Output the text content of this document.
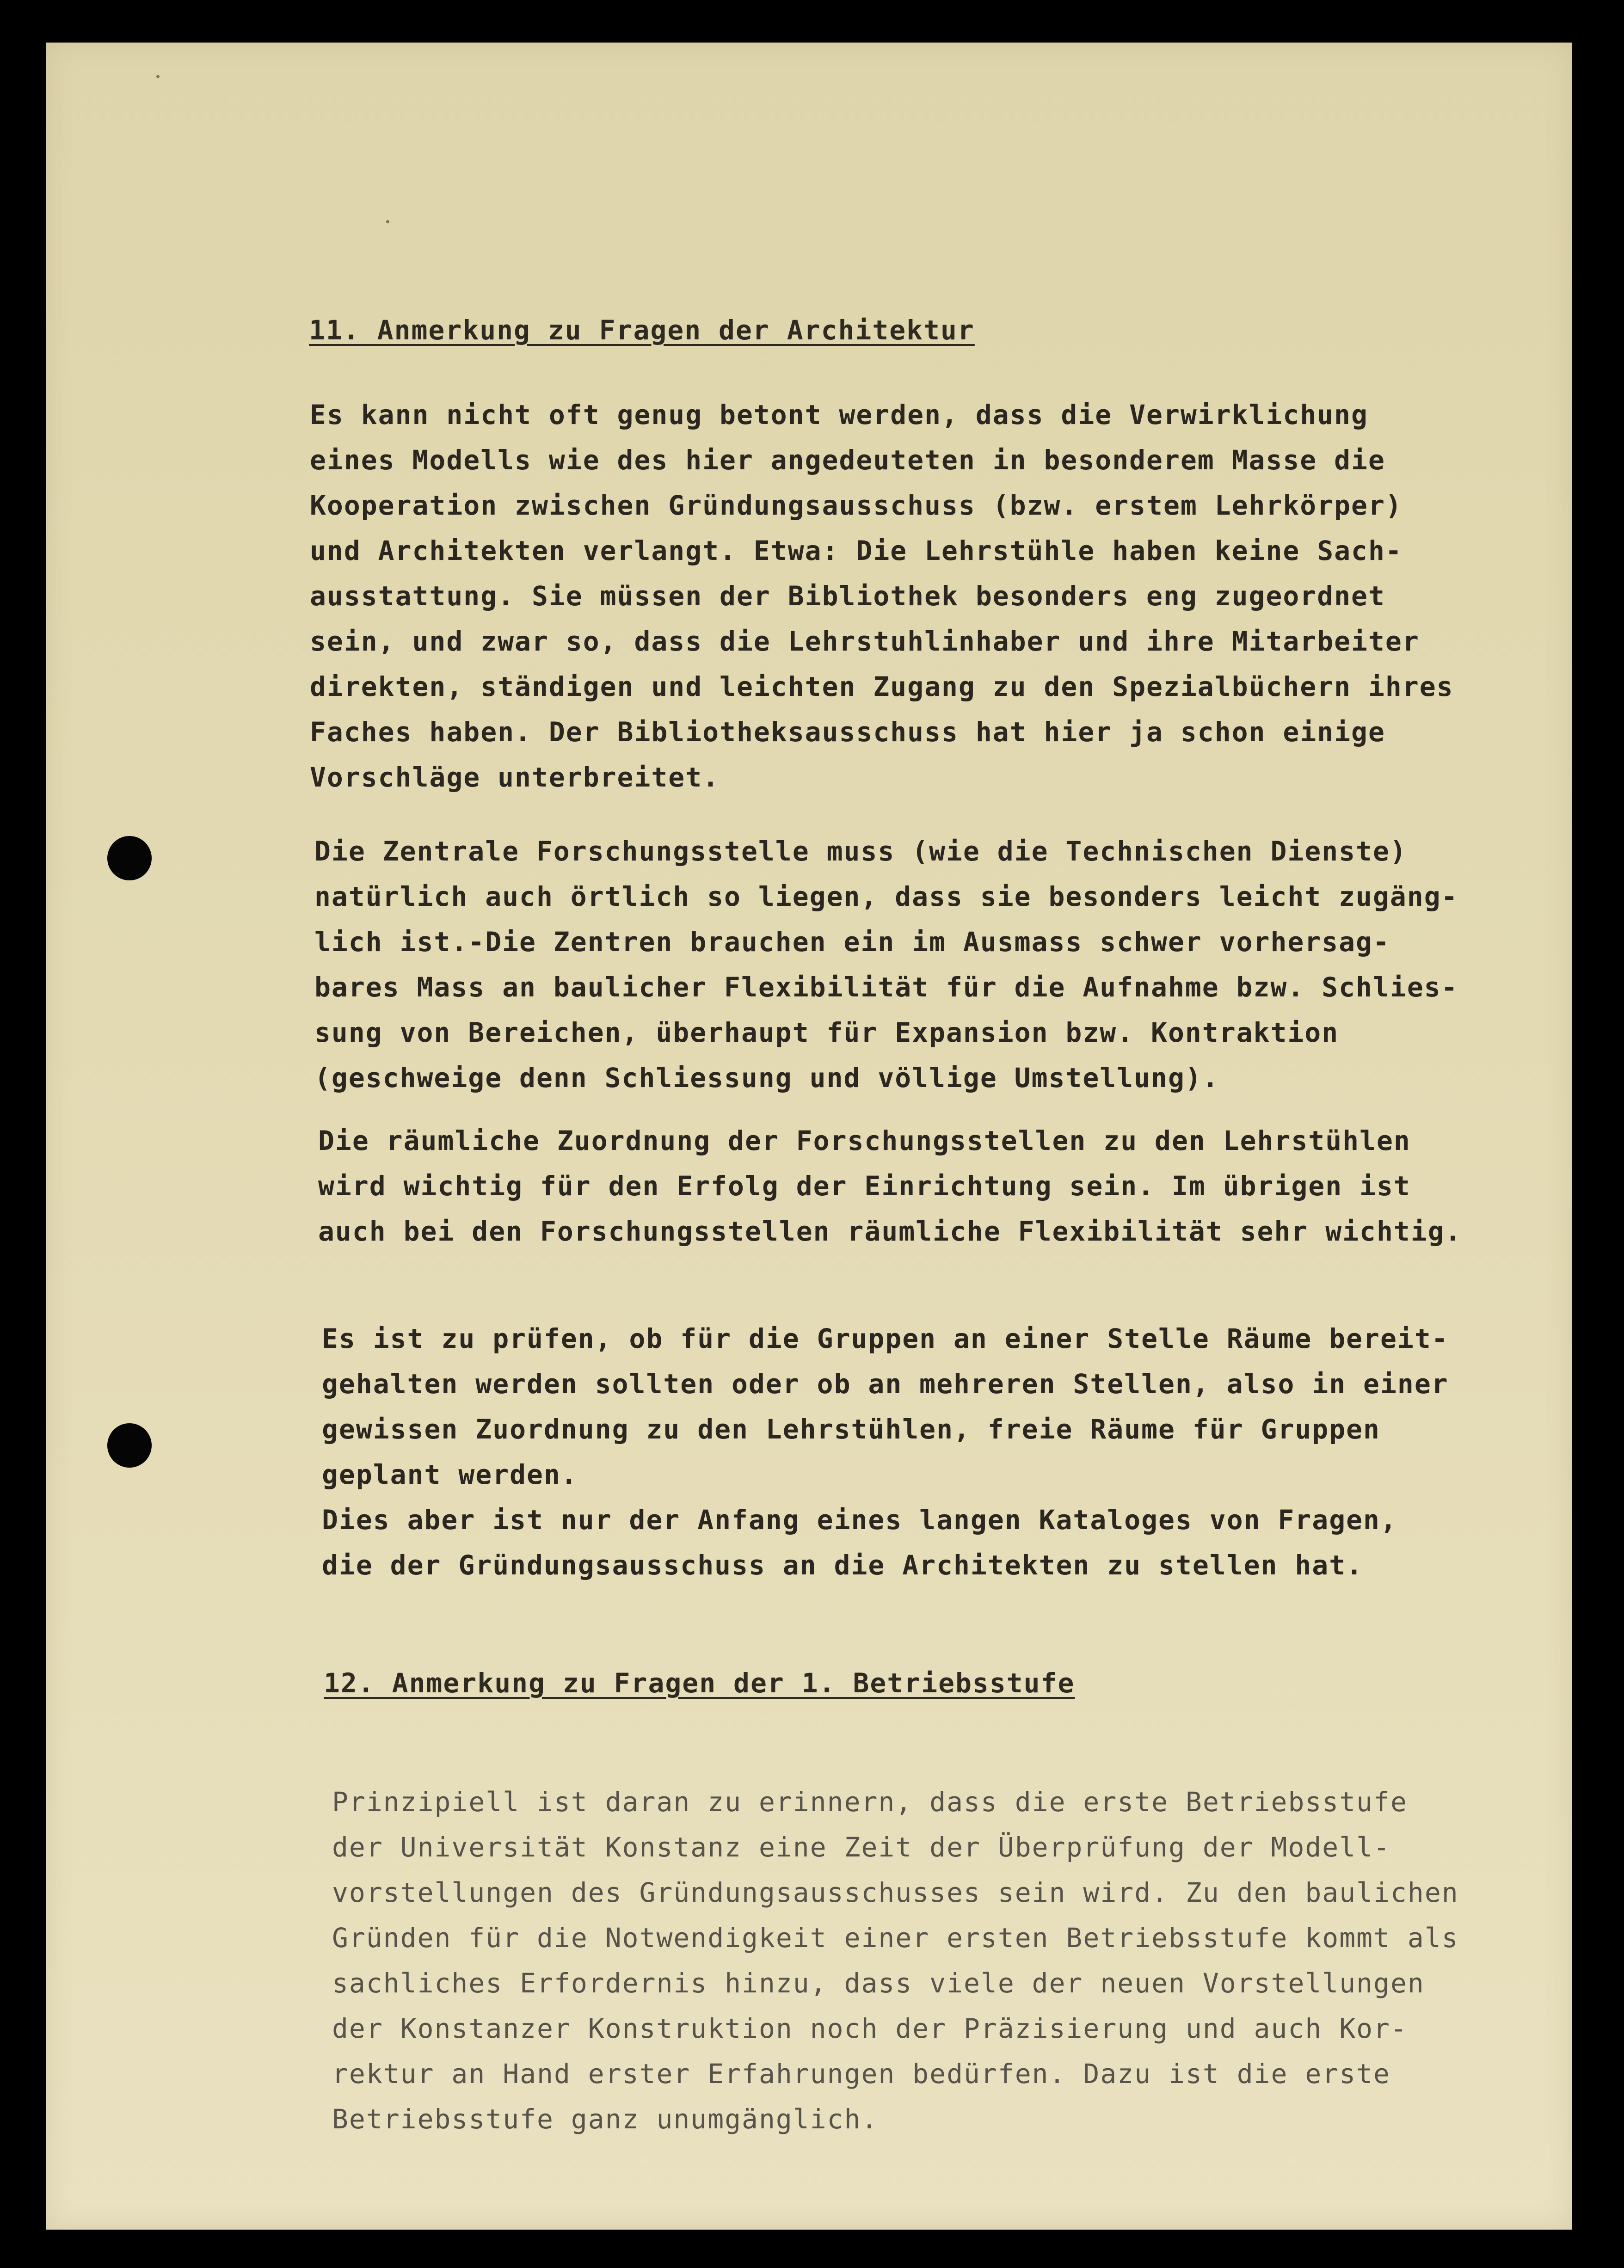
11. Anmerkung zu Fragen der Architektur
Es kann nicht oft genug betont werden, dass die Verwirklichung
eines Modells wie des hier angedeuteten in besonderem Masse die
Kooperation zwischen Gründungsausschuss (bzw. erstem Lehrkörper)
und Architekten verlangt. Etwa: Die Lehrstühle haben keine Sach-
ausstattung. Sie müssen der Bibliothek besonders eng zugeordnet
sein, und zwar so, dass die Lehrstuhlinhaber und ihre Mitarbeiter
direkten, ständigen und leichten Zugang zu den Spezialbüchern ihres
Faches haben. Der Bibliotheksausschuss hat hier ja schon einige
Vorschläge unterbreitet.
Die Zentrale Forschungsstelle muss (wie die Technischen Dienste)
natürlich auch örtlich so liegen, dass sie besonders leicht zugäng-
lich ist.-Die Zentren brauchen ein im Ausmass schwer vorhersag-
bares Mass an baulicher Flexibilität für die Aufnahme bzw. Schlies-
sung von Bereichen, überhaupt für Expansion bzw. Kontraktion
(geschweige denn Schliessung und völlige Umstellung).
Die räumliche Zuordnung der Forschungsstellen zu den Lehrstühlen
wird wichtig für den Erfolg der Einrichtung sein. Im übrigen ist
auch bei den Forschungsstellen räumliche Flexibilität sehr wichtig.
Es ist zu prüfen, ob für die Gruppen an einer Stelle Räume bereit-
gehalten werden sollten oder ob an mehreren Stellen, also in einer
gewissen Zuordnung zu den Lehrstühlen, freie Räume für Gruppen
geplant werden.
Dies aber ist nur der Anfang eines langen Kataloges von Fragen,
die der Gründungsausschuss an die Architekten zu stellen hat.
12. Anmerkung zu Fragen der 1. Betriebsstufe
Prinzipiell ist daran zu erinnern, dass die erste Betriebsstufe
der Universität Konstanz eine Zeit der Überprüfung der Modell-
vorstellungen des Gründungsausschusses sein wird. Zu den baulichen
Gründen für die Notwendigkeit einer ersten Betriebsstufe kommt als
sachliches Erfordernis hinzu, dass viele der neuen Vorstellungen
der Konstanzer Konstruktion noch der Präzisierung und auch Kor-
rektur an Hand erster Erfahrungen bedürfen. Dazu ist die erste
Betriebsstufe ganz unumgänglich.
